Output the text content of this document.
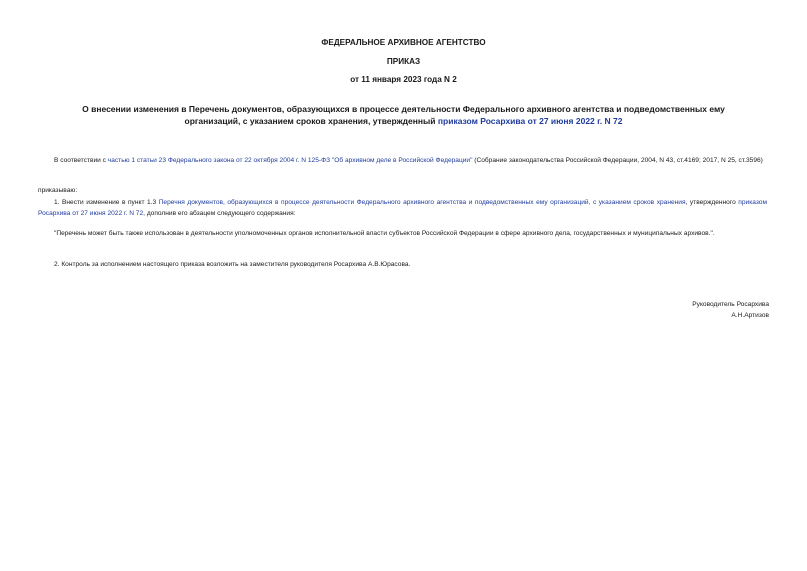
ФЕДЕРАЛЬНОЕ АРХИВНОЕ АГЕНТСТВО
ПРИКАЗ
от 11 января 2023 года N 2
О внесении изменения в Перечень документов, образующихся в процессе деятельности Федерального архивного агентства и подведомственных ему организаций, с указанием сроков хранения, утвержденный приказом Росархива от 27 июня 2022 г. N 72
В соответствии с частью 1 статьи 23 Федерального закона от 22 октября 2004 г. N 125-ФЗ "Об архивном деле в Российской Федерации" (Собрание законодательства Российской Федерации, 2004, N 43, ст.4169; 2017, N 25, ст.3596)
приказываю:
1. Внести изменение в пункт 1.3 Перечня документов, образующихся в процессе деятельности Федерального архивного агентства и подведомственных ему организаций, с указанием сроков хранения, утвержденного приказом Росархива от 27 июня 2022 г. N 72, дополнив его абзацем следующего содержания:
"Перечень может быть также использован в деятельности уполномоченных органов исполнительной власти субъектов Российской Федерации в сфере архивного дела, государственных и муниципальных архивов.".
2. Контроль за исполнением настоящего приказа возложить на заместителя руководителя Росархива А.В.Юрасова.
Руководитель Росархива
А.Н.Артизов
